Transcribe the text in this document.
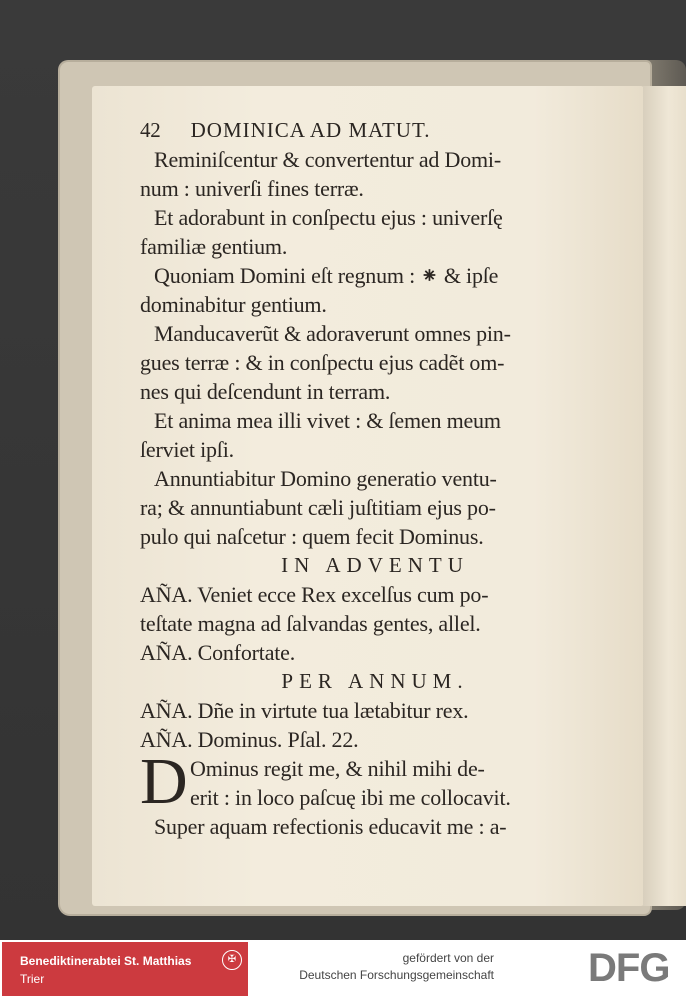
42 DOMINICA AD MATUT.
Reminiſcentur & convertentur ad Domi-
num : univerſi fines terræ.
Et adorabunt in conſpectu ejus : univerſę
familiæ gentium.
Quoniam Domini eſt regnum : ⁕ & ipſe
dominabitur gentium.
Manducaverũt & adoraverunt omnes pin-
gues terræ : & in conſpectu ejus cadẽt om-
nes qui deſcendunt in terram.
Et anima mea illi vivet : & ſemen meum
ſerviet ipſi.
Annuntiabitur Domino generatio ventu-
ra; & annuntiabunt cæli juſtitiam ejus po-
pulo qui naſcetur : quem fecit Dominus.
IN ADVENTU
AÑA. Veniet ecce Rex excelſus cum po-
teſtate magna ad ſalvandas gentes, allel.
AÑA. Confortate.
PER ANNUM.
AÑA. Dñe in virtute tua lætabitur rex.
AÑA. Dominus. Pſal. 22.
D Ominus regit me, & nihil mihi de-
erit : in loco paſcuę ibi me collocavit.
Super aquam refectionis educavit me : a-
Benediktinerabtei St. Matthias
Trier
✠	gefördert von der
Deutschen Forschungsgemeinschaft DFG
